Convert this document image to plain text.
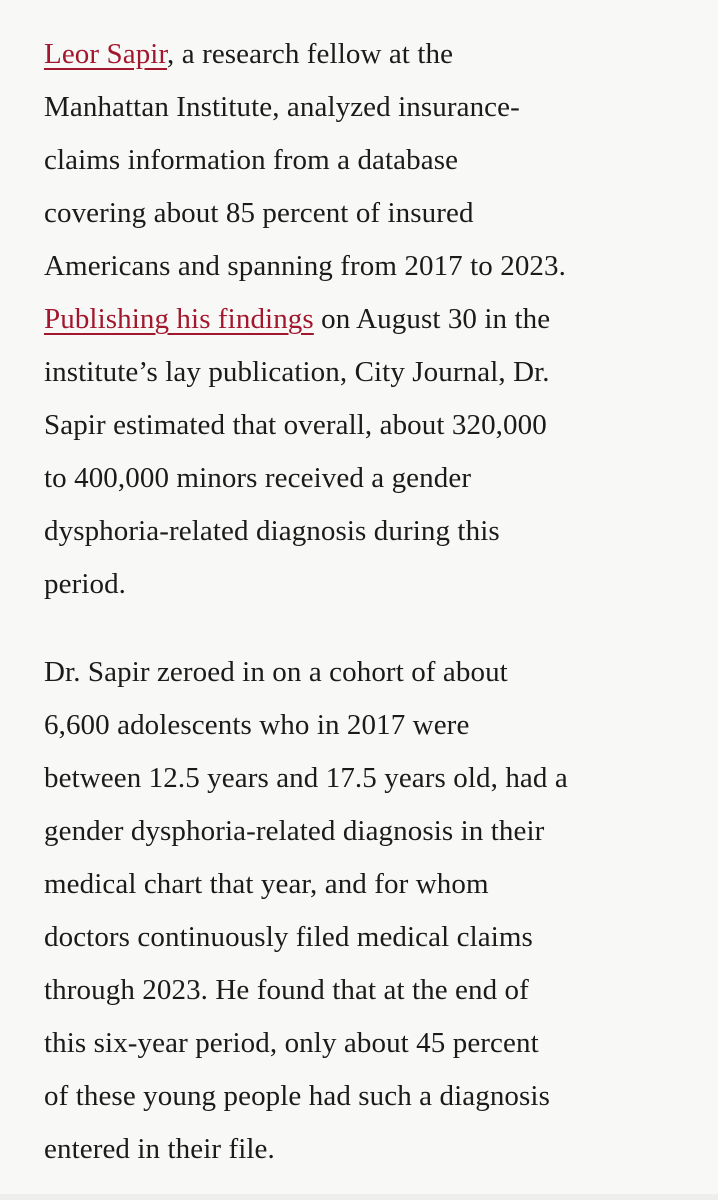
Leor Sapir, a research fellow at the
Manhattan Institute, analyzed insurance-
claims information from a database
covering about 85 percent of insured
Americans and spanning from 2017 to 2023.
Publishing his findings on August 30 in the
institute’s lay publication, City Journal, Dr.
Sapir estimated that overall, about 320,000
to 400,000 minors received a gender
dysphoria-related diagnosis during this
period.

Dr. Sapir zeroed in on a cohort of about
6,600 adolescents who in 2017 were
between 12.5 years and 17.5 years old, had a
gender dysphoria-related diagnosis in their
medical chart that year, and for whom
doctors continuously filed medical claims
through 2023. He found that at the end of
this six-year period, only about 45 percent
of these young people had such a diagnosis
entered in their file.
